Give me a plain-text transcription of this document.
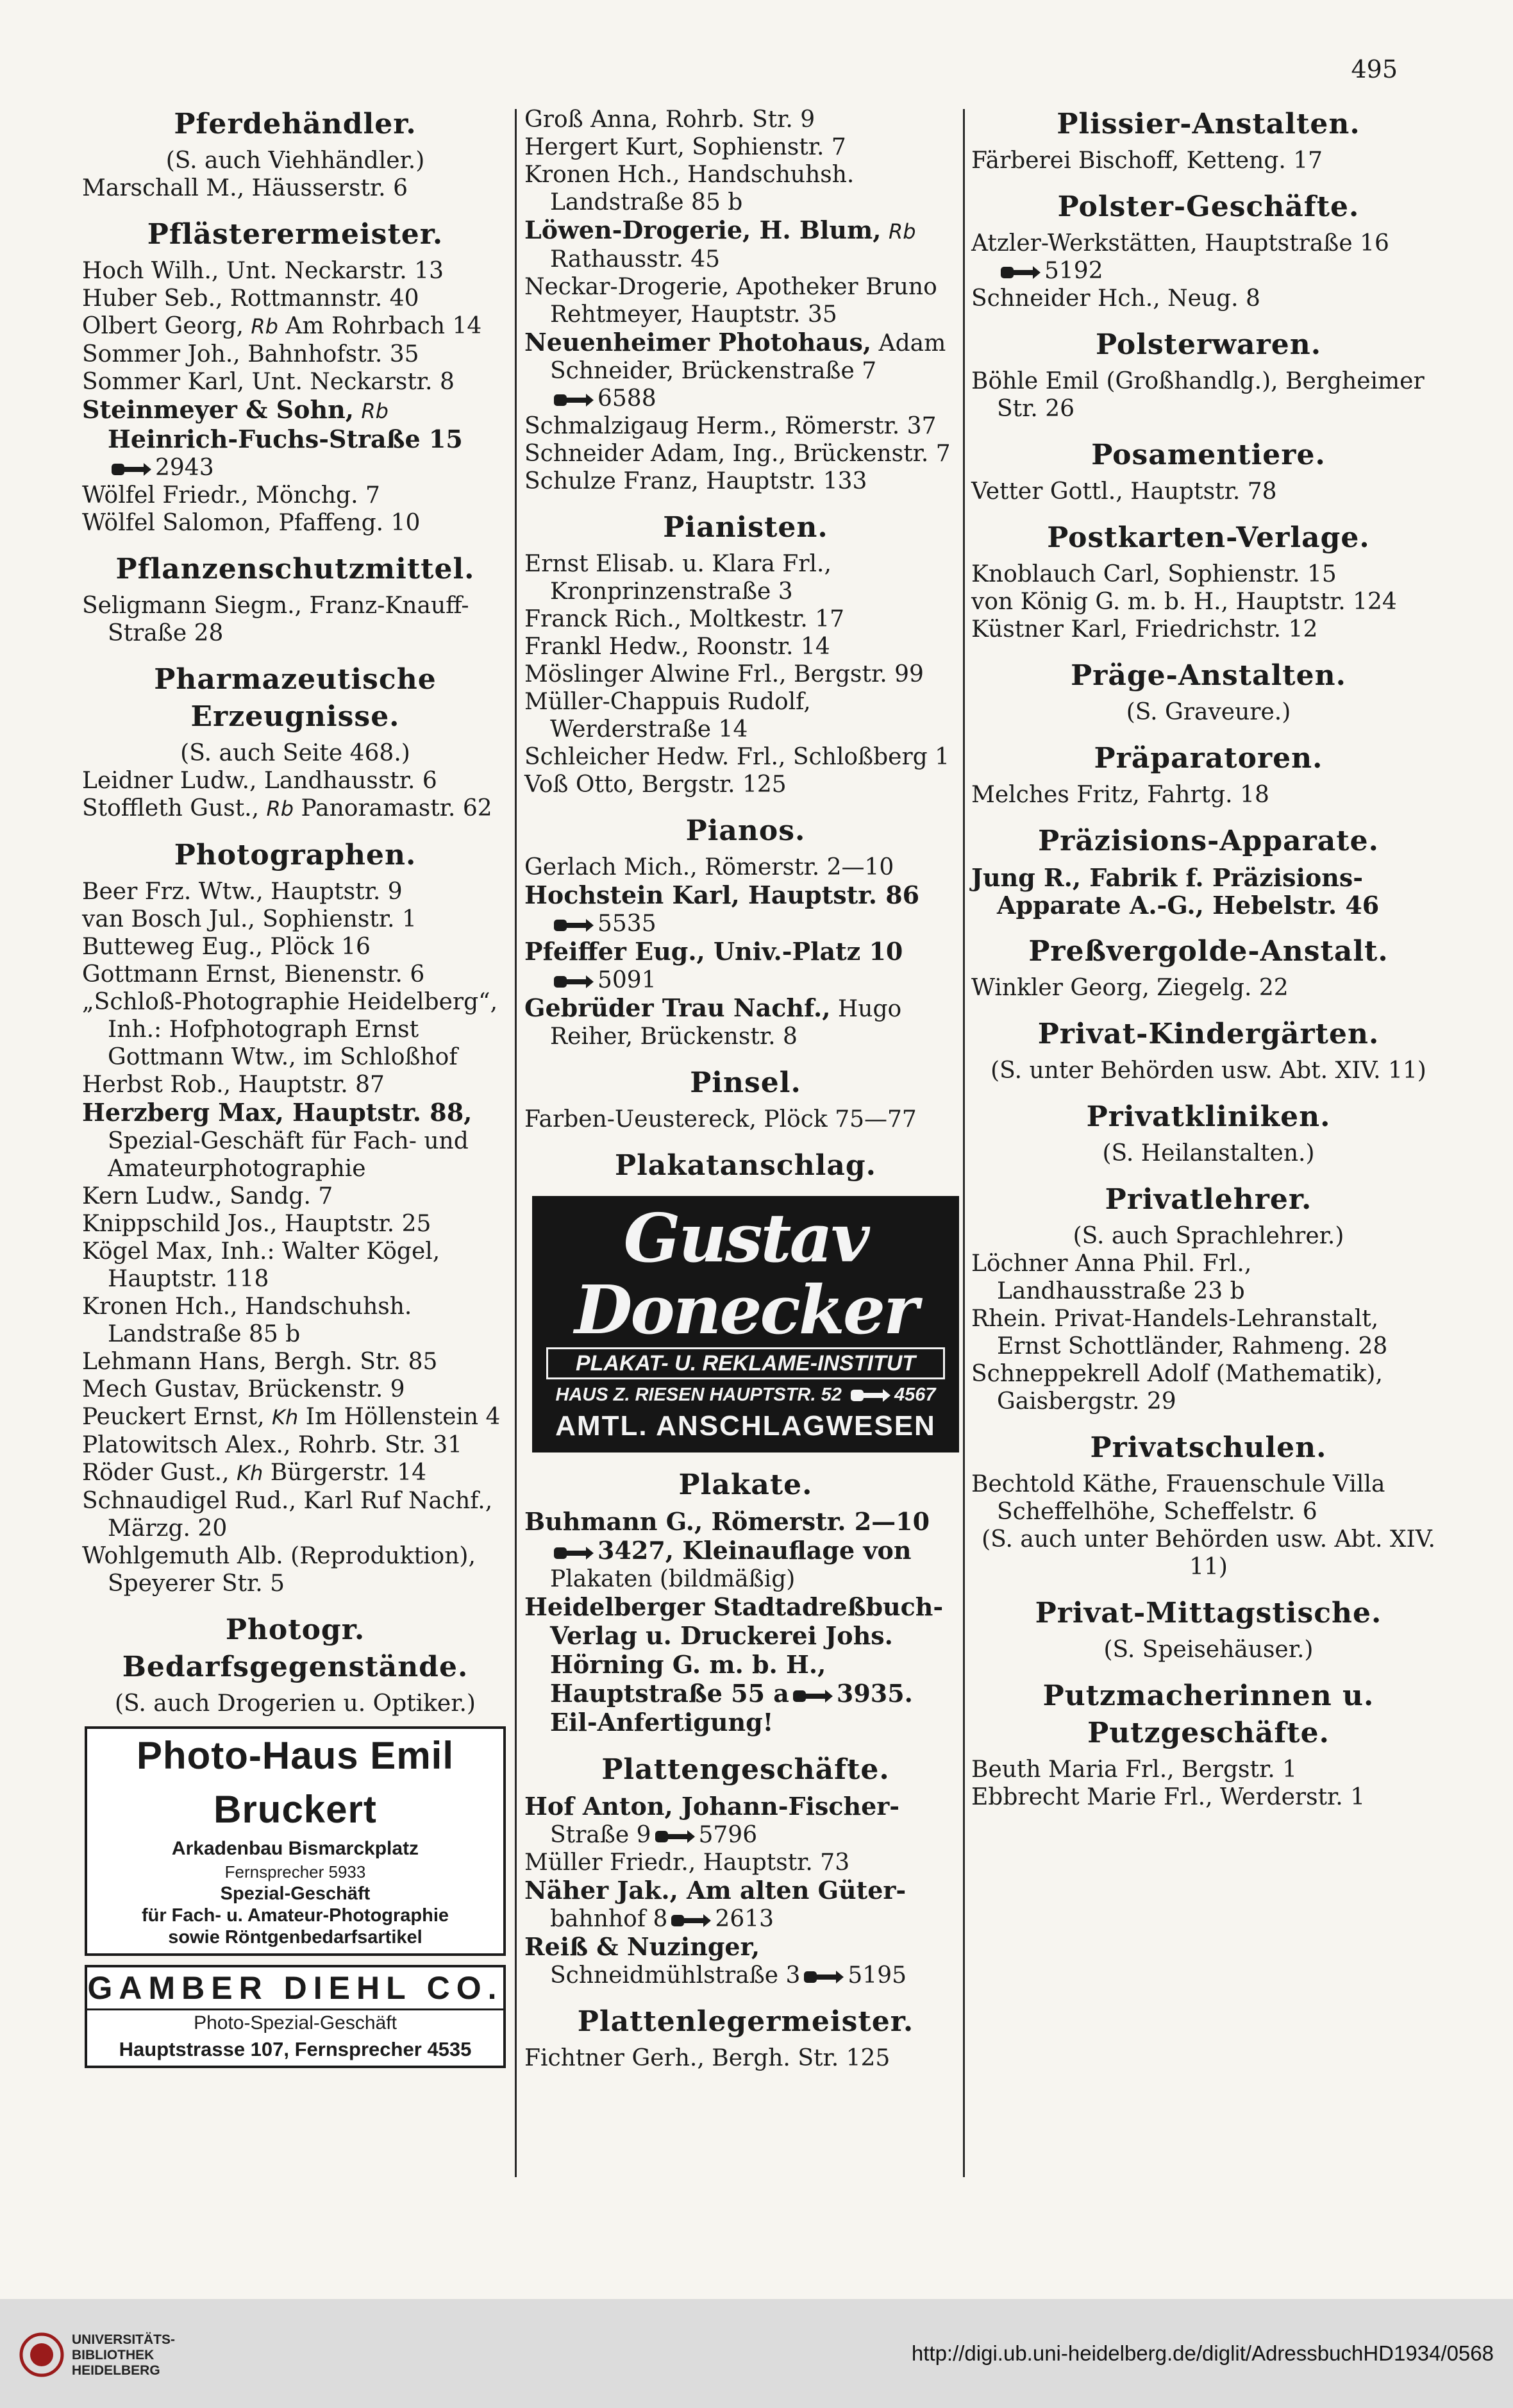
495
Pferdehändler.
(S. auch Viehhändler.)
Marschall M., Häusserstr. 6
Pflästerermeister.
Hoch Wilh., Unt. Neckarstr. 13
Huber Seb., Rottmannstr. 40
Olbert Georg, Rb Am Rohrbach 14
Sommer Joh., Bahnhofstr. 35
Sommer Karl, Unt. Neckarstr. 8
Steinmeyer & Sohn, Rb Heinrich-Fuchs-Straße 152943
Wölfel Friedr., Mönchg. 7
Wölfel Salomon, Pfaffeng. 10
Pflanzenschutzmittel.
Seligmann Siegm., Franz-Knauff-Straße 28
Pharmazeutische Erzeugnisse.
(S. auch Seite 468.)
Leidner Ludw., Landhausstr. 6
Stoffleth Gust., Rb Panoramastr. 62
Photographen.
Beer Frz. Wtw., Hauptstr. 9
van Bosch Jul., Sophienstr. 1
Butteweg Eug., Plöck 16
Gottmann Ernst, Bienenstr. 6
„Schloß-Photographie Heidelberg“, Inh.: Hofphotograph Ernst Gottmann Wtw., im Schloßhof
Herbst Rob., Hauptstr. 87
Herzberg Max, Hauptstr. 88, Spezial-Geschäft für Fach- und Amateurphotographie
Kern Ludw., Sandg. 7
Knippschild Jos., Hauptstr. 25
Kögel Max, Inh.: Walter Kögel, Hauptstr. 118
Kronen Hch., Handschuhsh. Landstraße 85 b
Lehmann Hans, Bergh. Str. 85
Mech Gustav, Brückenstr. 9
Peuckert Ernst, Kh Im Höllenstein 4
Platowitsch Alex., Rohrb. Str. 31
Röder Gust., Kh Bürgerstr. 14
Schnaudigel Rud., Karl Ruf Nachf., Märzg. 20
Wohlgemuth Alb. (Reproduktion), Speyerer Str. 5
Photogr. Bedarfsgegenstände.
(S. auch Drogerien u. Optiker.)
Photo-Haus Emil Bruckert
Arkadenbau Bismarckplatz
Fernsprecher 5933
Spezial-Geschäft
für Fach- u. Amateur-Photographie
sowie Röntgenbedarfsartikel
GAMBER DIEHL CO.
Photo-Spezial-Geschäft
Hauptstrasse 107, Fernsprecher 4535
Groß Anna, Rohrb. Str. 9
Hergert Kurt, Sophienstr. 7
Kronen Hch., Handschuhsh. Landstraße 85 b
Löwen-Drogerie, H. Blum, Rb Rathausstr. 45
Neckar-Drogerie, Apotheker Bruno Rehtmeyer, Hauptstr. 35
Neuenheimer Photohaus, Adam Schneider, Brückenstraße 7
6588
Schmalzigaug Herm., Römerstr. 37
Schneider Adam, Ing., Brückenstr. 7
Schulze Franz, Hauptstr. 133
Pianisten.
Ernst Elisab. u. Klara Frl., Kronprinzenstraße 3
Franck Rich., Moltkestr. 17
Frankl Hedw., Roonstr. 14
Möslinger Alwine Frl., Bergstr. 99
Müller-Chappuis Rudolf, Werderstraße 14
Schleicher Hedw. Frl., Schloßberg 1
Voß Otto, Bergstr. 125
Pianos.
Gerlach Mich., Römerstr. 2—10
Hochstein Karl, Hauptstr. 86
5535
Pfeiffer Eug., Univ.-Platz 10
5091
Gebrüder Trau Nachf., Hugo Reiher, Brückenstr. 8
Pinsel.
Farben-Ueustereck, Plöck 75—77
Plakatanschlag.
Gustav Donecker
PLAKAT- U. REKLAME-INSTITUT
HAUS Z. RIESEN HAUPTSTR. 52	4567
AMTL. ANSCHLAGWESEN
Plakate.
Buhmann G., Römerstr. 2—10
3427, Kleinauflage von
Plakaten (bildmäßig)
Heidelberger Stadtadreßbuch-Verlag u. Druckerei Johs. Hörning G. m. b. H., Hauptstraße 55 a 3935. Eil-Anfertigung!
Plattengeschäfte.
Hof Anton, Johann-Fischer- Straße 9 5796
Müller Friedr., Hauptstr. 73
Näher Jak., Am alten Güter- bahnhof 8 2613
Reiß & Nuzinger, Schneidmühlstraße 3 5195
Plattenlegermeister.
Fichtner Gerh., Bergh. Str. 125
Plissier-Anstalten.
Färberei Bischoff, Ketteng. 17
Polster-Geschäfte.
Atzler-Werkstätten, Hauptstraße 16
5192
Schneider Hch., Neug. 8
Polsterwaren.
Böhle Emil (Großhandlg.), Bergheimer Str. 26
Posamentiere.
Vetter Gottl., Hauptstr. 78
Postkarten-Verlage.
Knoblauch Carl, Sophienstr. 15
von König G. m. b. H., Hauptstr. 124
Küstner Karl, Friedrichstr. 12
Präge-Anstalten.
(S. Graveure.)
Präparatoren.
Melches Fritz, Fahrtg. 18
Präzisions-Apparate.
Jung R., Fabrik f. Präzisions-Apparate A.-G., Hebelstr. 46
Preßvergolde-Anstalt.
Winkler Georg, Ziegelg. 22
Privat-Kindergärten.
(S. unter Behörden usw. Abt. XIV. 11)
Privatkliniken.
(S. Heilanstalten.)
Privatlehrer.
(S. auch Sprachlehrer.)
Löchner Anna Phil. Frl., Landhausstraße 23 b
Rhein. Privat-Handels-Lehranstalt, Ernst Schottländer, Rahmeng. 28
Schneppekrell Adolf (Mathematik), Gaisbergstr. 29
Privatschulen.
Bechtold Käthe, Frauenschule Villa Scheffelhöhe, Scheffelstr. 6
(S. auch unter Behörden usw. Abt. XIV. 11)
Privat-Mittagstische.
(S. Speisehäuser.)
Putzmacherinnen u. Putzgeschäfte.
Beuth Maria Frl., Bergstr. 1
Ebbrecht Marie Frl., Werderstr. 1
UNIVERSITÄTS-
BIBLIOTHEK
HEIDELBERG
http://digi.ub.uni-heidelberg.de/diglit/AdressbuchHD1934/0568
